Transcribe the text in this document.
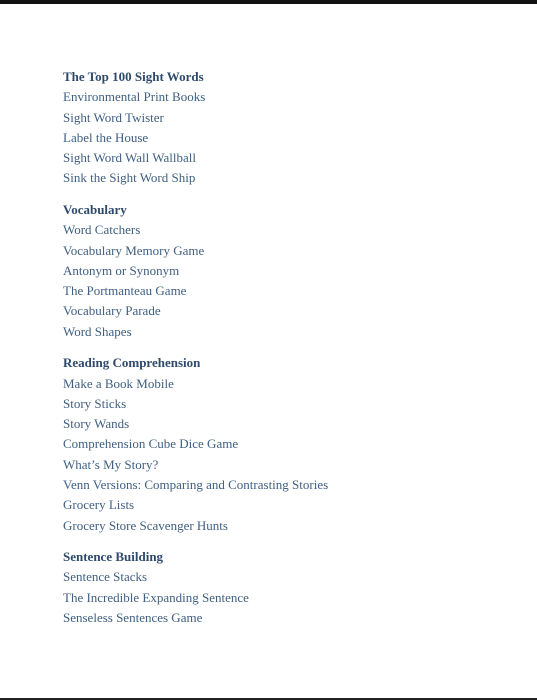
The Top 100 Sight Words
Environmental Print Books
Sight Word Twister
Label the House
Sight Word Wall Wallball
Sink the Sight Word Ship
Vocabulary
Word Catchers
Vocabulary Memory Game
Antonym or Synonym
The Portmanteau Game
Vocabulary Parade
Word Shapes
Reading Comprehension
Make a Book Mobile
Story Sticks
Story Wands
Comprehension Cube Dice Game
What’s My Story?
Venn Versions: Comparing and Contrasting Stories
Grocery Lists
Grocery Store Scavenger Hunts
Sentence Building
Sentence Stacks
The Incredible Expanding Sentence
Senseless Sentences Game
